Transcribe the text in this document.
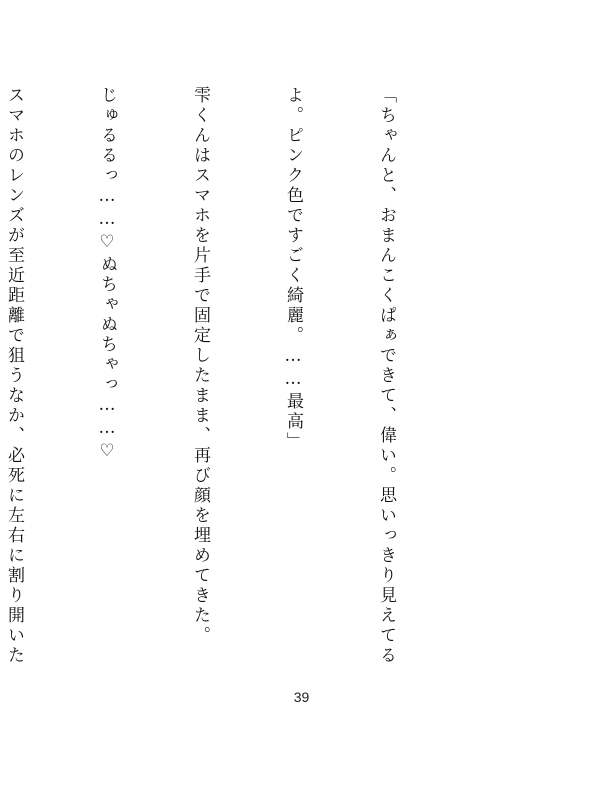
「ちゃんと、おまんこくぱぁできて、偉い。思いっきり見えてる

よ。ピンク色ですごく綺麗。……最高」

雫くんはスマホを片手で固定したまま、再び顔を埋めてきた。

じゅるるっ……♡ぬちゃぬちゃっ……♡

スマホのレンズが至近距離で狙うなか、必死に左右に割り開いた

39
